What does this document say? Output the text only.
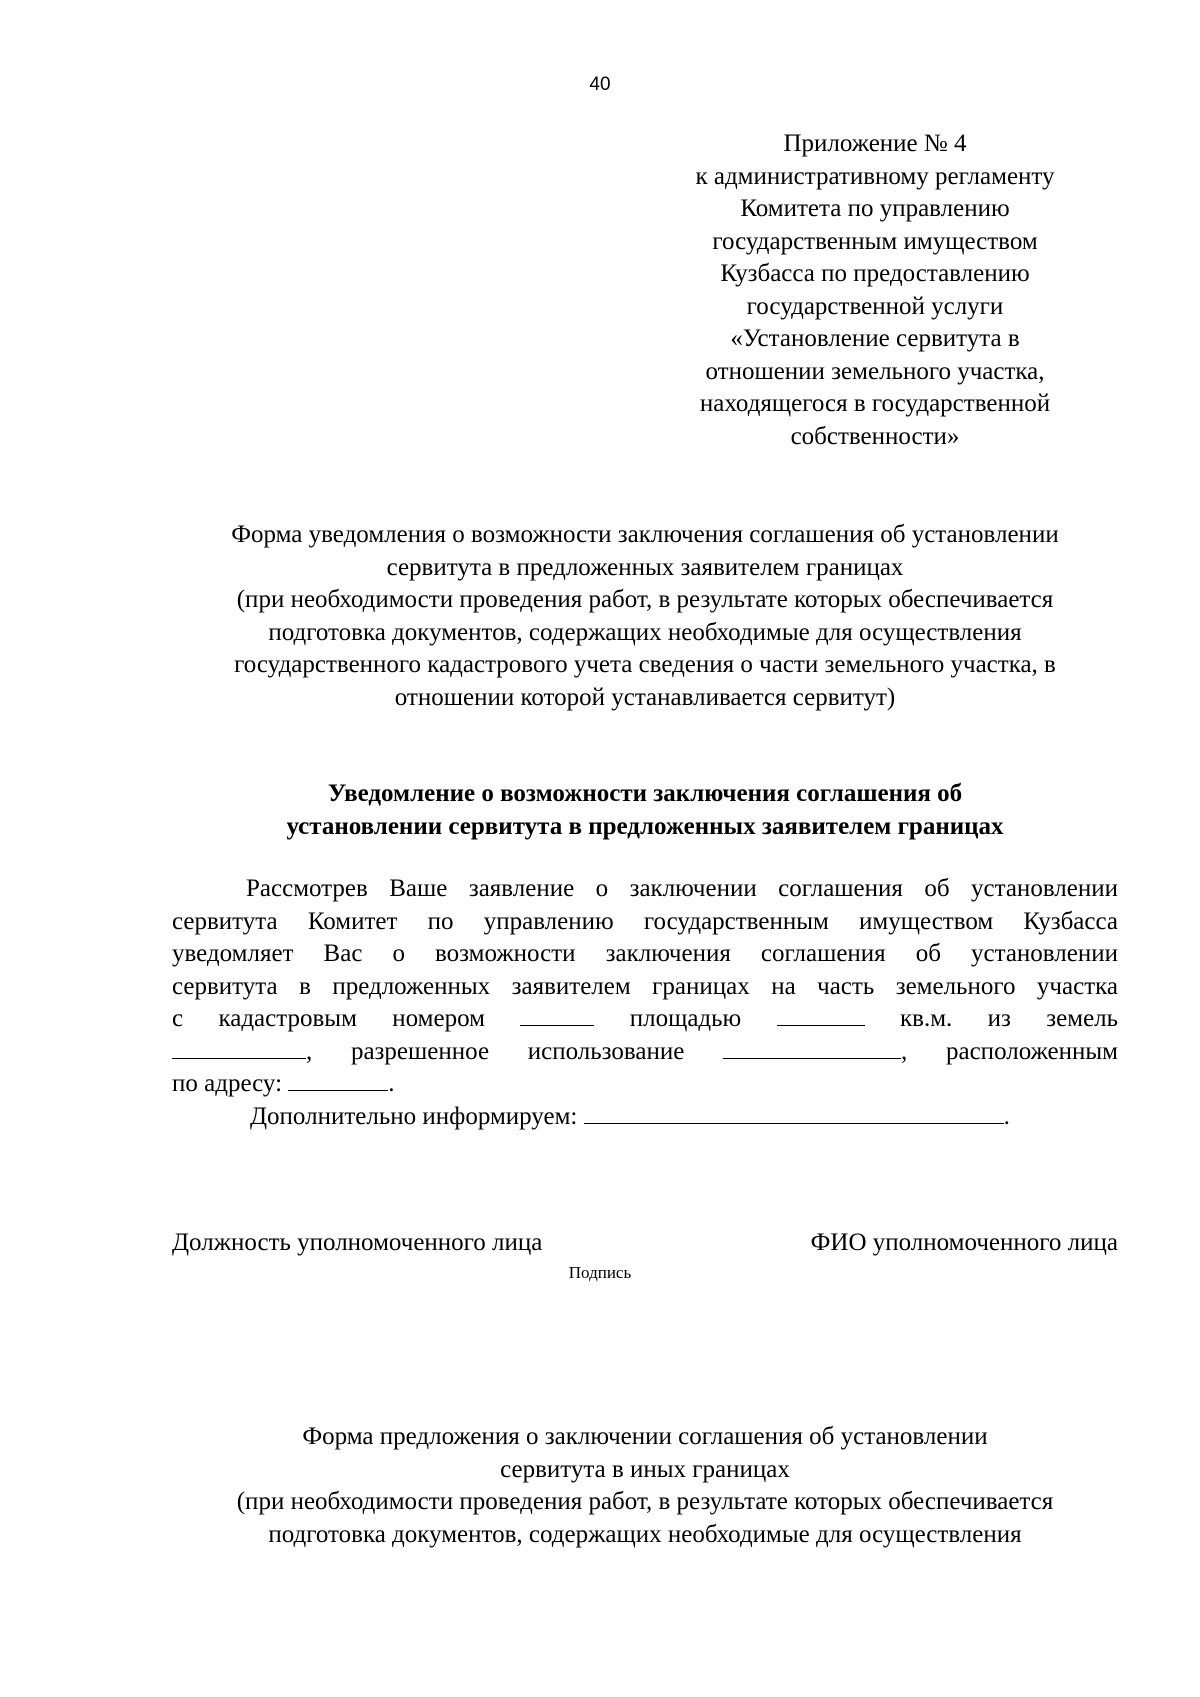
40
Приложение № 4
к административному регламенту
Комитета по управлению
государственным имуществом
Кузбасса по предоставлению
государственной услуги
«Установление сервитута в
отношении земельного участка,
находящегося в государственной
собственности»
Форма уведомления о возможности заключения соглашения об установлении
сервитута в предложенных заявителем границах
(при необходимости проведения работ, в результате которых обеспечивается
подготовка документов, содержащих необходимые для осуществления
государственного кадастрового учета сведения о части земельного участка, в
отношении которой устанавливается сервитут)
Уведомление о возможности заключения соглашения об
установлении сервитута в предложенных заявителем границах
Рассмотрев Ваше заявление о заключении соглашения об установлении
сервитута Комитет по управлению государственным имуществом Кузбасса
уведомляет Вас о возможности заключения соглашения об установлении
сервитута в предложенных заявителем границах на часть земельного участка
с кадастровым номером	площадью	кв.м. из земель
, разрешенное использование	, расположенным
по адресу:	.
Дополнительно информируем:	.
Должность уполномоченного лица	ФИО уполномоченного лица
Подпись
Форма предложения о заключении соглашения об установлении
сервитута в иных границах
(при необходимости проведения работ, в результате которых обеспечивается
подготовка документов, содержащих необходимые для осуществления
